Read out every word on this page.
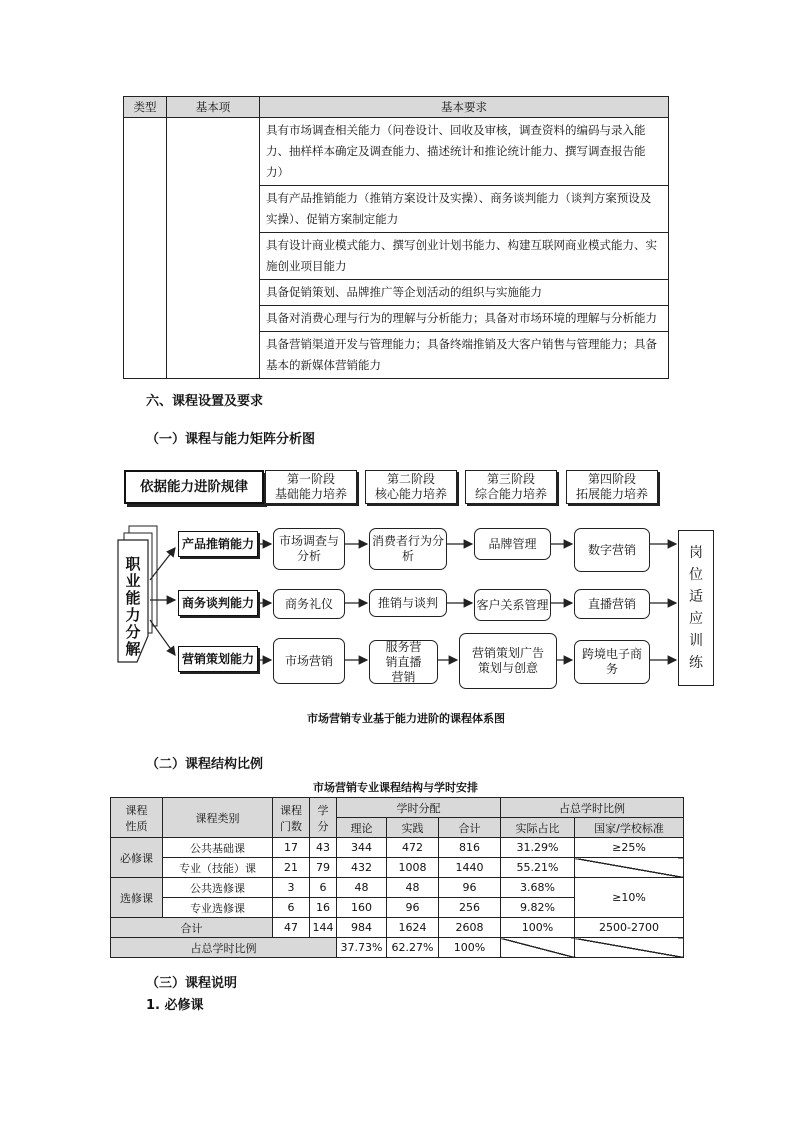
类型	基本项	基本要求
		具有市场调查相关能力（问卷设计、回收及审核，调查资料的编码与录入能力、抽样样本确定及调查能力、描述统计和推论统计能力、撰写调查报告能力）
		具有产品推销能力（推销方案设计及实操）、商务谈判能力（谈判方案预设及实操）、促销方案制定能力
		具有设计商业模式能力、撰写创业计划书能力、构建互联网商业模式能力、实施创业项目能力
		具备促销策划、品牌推广等企划活动的组织与实施能力
		具备对消费心理与行为的理解与分析能力；具备对市场环境的理解与分析能力
		具备营销渠道开发与管理能力；具备终端推销及大客户销售与管理能力；具备基本的新媒体营销能力
六、课程设置及要求
（一）课程与能力矩阵分析图
依据能力进阶规律	第一阶段
基础能力培养
第二阶段
核心能力培养
第三阶段
综合能力培养
第四阶段
拓展能力培养
职业能力分解
产品推销能力
商务谈判能力
营销策划能力
市场调查与分析
消费者行为分析
品牌管理	数字营销
商务礼仪	推销与谈判	客户关系管理	直播营销
市场营销
服务营销直播营销
营销策划广告策划与创意
跨境电子商务
岗位适应训练
市场营销专业基于能力进阶的课程体系图
（二）课程结构比例
市场营销专业课程结构与学时安排
课程性质	课程类别	课程门数	学分	学时分配			占总学时比例	
				理论	实践	合计	实际占比	国家/学校标准
必修课	公共基础课	17	43	344	472	816	31.29%	≥25%
	专业（技能）课	21	79	432	1008	1440	55.21%	
选修课	公共选修课	3	6	48	48	96	3.68%	≥10%
	专业选修课	6	16	160	96	256	9.82%	
合计		47	144	984	1624	2608	100%	2500-2700
占总学时比例				37.73%	62.27%	100%		
（三）课程说明
1. 必修课
